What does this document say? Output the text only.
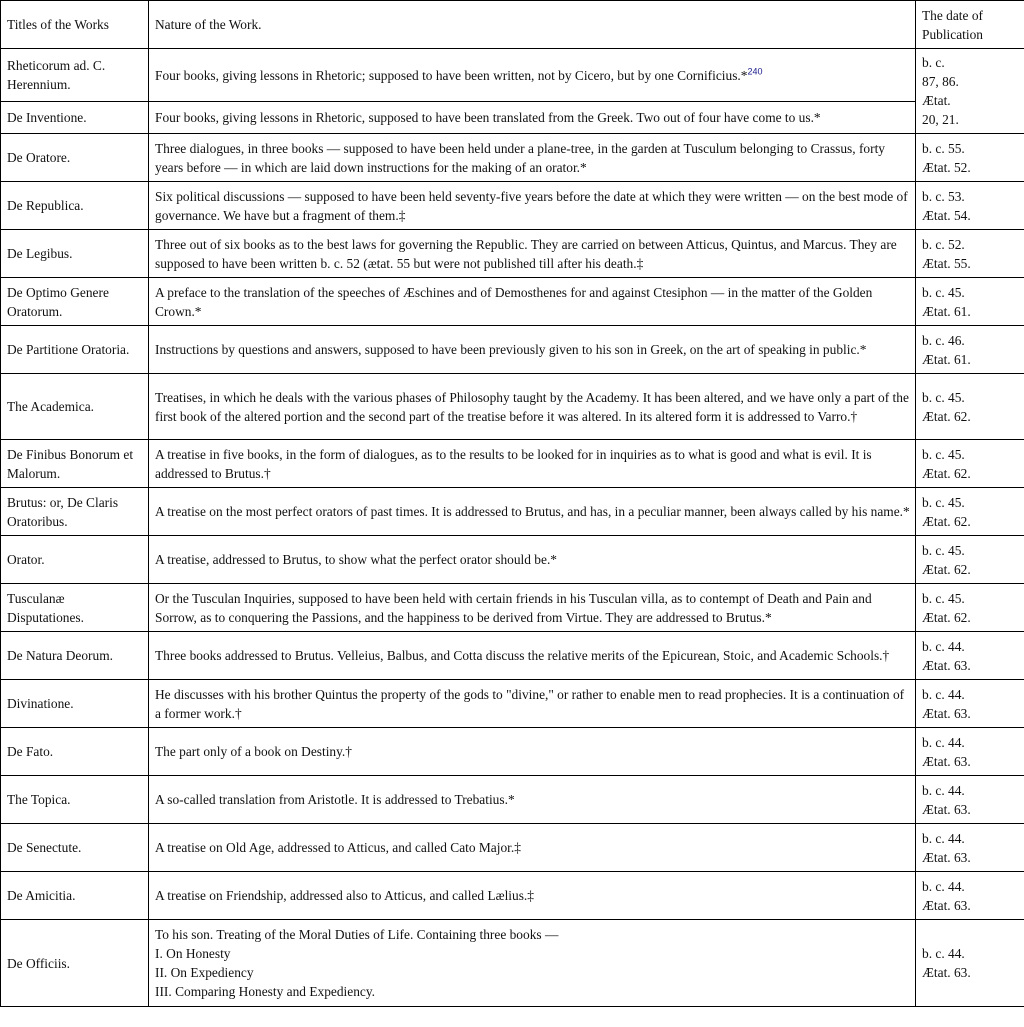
Titles of the Works	Nature of the Work.	The date of Publication
Rheticorum ad. C. Herennium.	Four books, giving lessons in Rhetoric; supposed to have been written, not by Cicero, but by one Cornificius.*$^{240}$	b. c.
87, 86.
Ætat.
20, 21.

De Inventione.	Four books, giving lessons in Rhetoric, supposed to have been translated from the Greek. Two out of four have come to us.*	
De Oratore.	Three dialogues, in three books — supposed to have been held under a plane-tree, in the garden at Tusculum belonging to Crassus, forty years before — in which are laid down instructions for the making of an orator.*	b. c. 55.
Ætat. 52.

De Republica.	Six political discussions — supposed to have been held seventy-five years before the date at which they were written — on the best mode of governance. We have but a fragment of them.‡	b. c. 53.
Ætat. 54.

De Legibus.	Three out of six books as to the best laws for governing the Republic. They are carried on between Atticus, Quintus, and Marcus. They are supposed to have been written b. c. 52 (ætat. 55 but were not published till after his death.‡	b. c. 52.
Ætat. 55.

De Optimo Genere Oratorum.	A preface to the translation of the speeches of Æschines and of Demosthenes for and against Ctesiphon — in the matter of the Golden Crown.*	b. c. 45.
Ætat. 61.

De Partitione Oratoria.	Instructions by questions and answers, supposed to have been previously given to his son in Greek, on the art of speaking in public.*	b. c. 46.
Ætat. 61.

The Academica.	Treatises, in which he deals with the various phases of Philosophy taught by the Academy. It has been altered, and we have only a part of the first book of the altered portion and the second part of the treatise before it was altered. In its altered form it is addressed to Varro.†	b. c. 45.
Ætat. 62.

De Finibus Bonorum et Malorum.	A treatise in five books, in the form of dialogues, as to the results to be looked for in inquiries as to what is good and what is evil. It is addressed to Brutus.†	b. c. 45.
Ætat. 62.

Brutus: or, De Claris Oratoribus.	A treatise on the most perfect orators of past times. It is addressed to Brutus, and has, in a peculiar manner, been always called by his name.*	b. c. 45.
Ætat. 62.

Orator.	A treatise, addressed to Brutus, to show what the perfect orator should be.*	b. c. 45.
Ætat. 62.

Tusculanæ Disputationes.	Or the Tusculan Inquiries, supposed to have been held with certain friends in his Tusculan villa, as to contempt of Death and Pain and Sorrow, as to conquering the Passions, and the happiness to be derived from Virtue. They are addressed to Brutus.*	b. c. 45.
Ætat. 62.

De Natura Deorum.	Three books addressed to Brutus. Velleius, Balbus, and Cotta discuss the relative merits of the Epicurean, Stoic, and Academic Schools.†	b. c. 44.
Ætat. 63.

Divinatione.	He discusses with his brother Quintus the property of the gods to "divine," or rather to enable men to read prophecies. It is a continuation of a former work.†	b. c. 44.
Ætat. 63.

De Fato.	The part only of a book on Destiny.†	b. c. 44.
Ætat. 63.

The Topica.	A so-called translation from Aristotle. It is addressed to Trebatius.*	b. c. 44.
Ætat. 63.

De Senectute.	A treatise on Old Age, addressed to Atticus, and called Cato Major.‡	b. c. 44.
Ætat. 63.

De Amicitia.	A treatise on Friendship, addressed also to Atticus, and called Lælius.‡	b. c. 44.
Ætat. 63.

De Officiis.	To his son. Treating of the Moral Duties of Life. Containing three books —
I. On Honesty
II. On Expediency
III. Comparing Honesty and Expediency.	b. c. 44.
Ætat. 63.
